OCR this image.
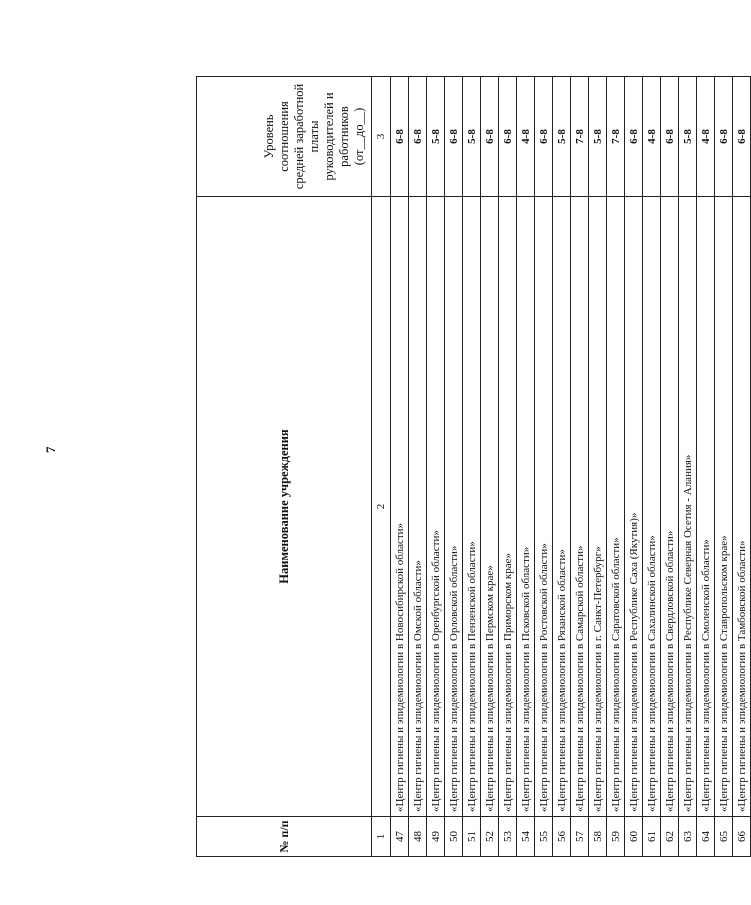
7
№ п/п	Наименование учреждения	Уровень соотношения средней заработной платы руководителей и работников (от__до__)
1	2	3
47	«Центр гигиены и эпидемиологии в Новосибирской области»	6-8
48	«Центр гигиены и эпидемиологии в Омской области»	6-8
49	«Центр гигиены и эпидемиологии в Оренбургской области»	5-8
50	«Центр гигиены и эпидемиологии в Орловской области»	6-8
51	«Центр гигиены и эпидемиологии в Пензенской области»	5-8
52	«Центр гигиены и эпидемиологии в Пермском крае»	6-8
53	«Центр гигиены и эпидемиологии в Приморском крае»	6-8
54	«Центр гигиены и эпидемиологии в Псковской области»	4-8
55	«Центр гигиены и эпидемиологии в Ростовской области»	6-8
56	«Центр гигиены и эпидемиологии в Рязанской области»	5-8
57	«Центр гигиены и эпидемиологии в Самарской области»	7-8
58	«Центр гигиены и эпидемиологии в г. Санкт-Петербург»	5-8
59	«Центр гигиены и эпидемиологии в Саратовской области»	7-8
60	«Центр гигиены и эпидемиологии в Республике Саха (Якутия)»	6-8
61	«Центр гигиены и эпидемиологии в Сахалинской области»	4-8
62	«Центр гигиены и эпидемиологии в Свердловской области»	6-8
63	«Центр гигиены и эпидемиологии в Республике Северная Осетия - Алания»	5-8
64	«Центр гигиены и эпидемиологии в Смоленской области»	4-8
65	«Центр гигиены и эпидемиологии в Ставропольском крае»	6-8
66	«Центр гигиены и эпидемиологии в Тамбовской области»	6-8
